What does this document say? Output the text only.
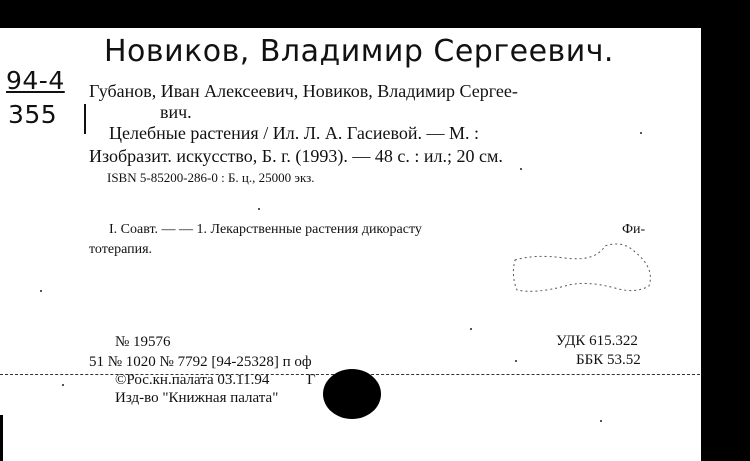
Новиков, Владимир Сергеевич.
94-4
355
Губанов, Иван Алексеевич, Новиков, Владимир Сергее-
вич.
Целебные растения / Ил. Л. А. Гасиевой. — М. :
Изобразит. искусство, Б. г. (1993). — 48 с. : ил.; 20 см.
ISBN 5-85200-286-0 : Б. ц., 25000 экз.
I. Соавт. — — 1. Лекарственные растения дикорасту	Фи-
тотерапия.
№ 19576
51 № 1020 № 7792 [94-25328] п оф
УДК 615.322
ББК 53.52
©Рос.кн.палата 03.11.94	Г
Изд-во "Книжная палата"
